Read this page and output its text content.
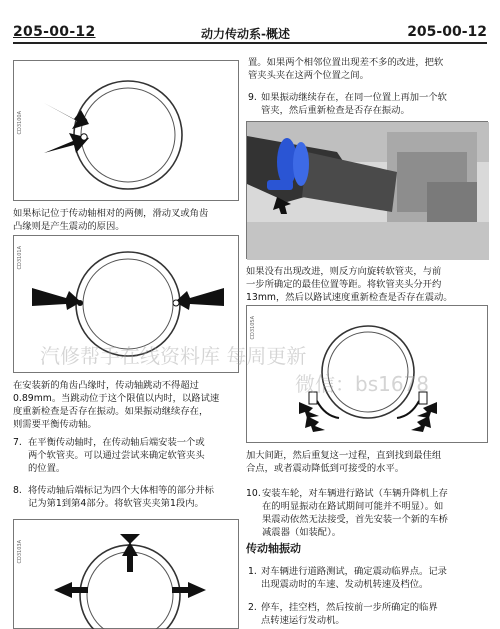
205-00-12	动力传动系-概述	205-00-12
CD3100A
如果标记位于传动轴相对的两侧，滑动叉或角齿
凸缘则是产生震动的原因。
CD3101A
在安装新的角齿凸缘时，传动轴跳动不得超过
0.89mm。当跳动位于这个限值以内时，以路试速
度重新检查是否存在振动。如果振动继续存在，
则需要平衡传动轴。
7. 在平衡传动轴时，在传动轴后端安装一个或
两个软管夹。可以通过尝试来确定软管夹头
的位置。
8. 将传动轴后端标记为四个大体相等的部分并标
记为第1到第4部分。将软管夹夹第1段内。
CD3103A
置。如果两个相邻位置出现差不多的改进，把软
管夹头夹在这两个位置之间。
9. 如果振动继续存在，在同一位置上再加一个软
管夹，然后重新检查是否存在振动。
如果没有出现改进，则反方向旋转软管夹，与前
一步所确定的最佳位置等距。将软管夹头分开约
13mm，然后以路试速度重新检查是否存在震动。
CD3105A
加大间距，然后重复这一过程，直到找到最佳组
合点，或者震动降低到可接受的水平。
10. 安装车轮，对车辆进行路试（车辆升降机上存
在的明显振动在路试期间可能并不明显）。如
果震动依然无法接受，首先安装一个新的车桥
减震器（如装配）。
传动轴振动
1. 对车辆进行道路测试，确定震动临界点。记录
出现震动时的车速、发动机转速及档位。
2. 停车，挂空档，然后按前一步所确定的临界
点转速运行发动机。
汽修帮手在线资料库 每周更新
微信：bs1678
